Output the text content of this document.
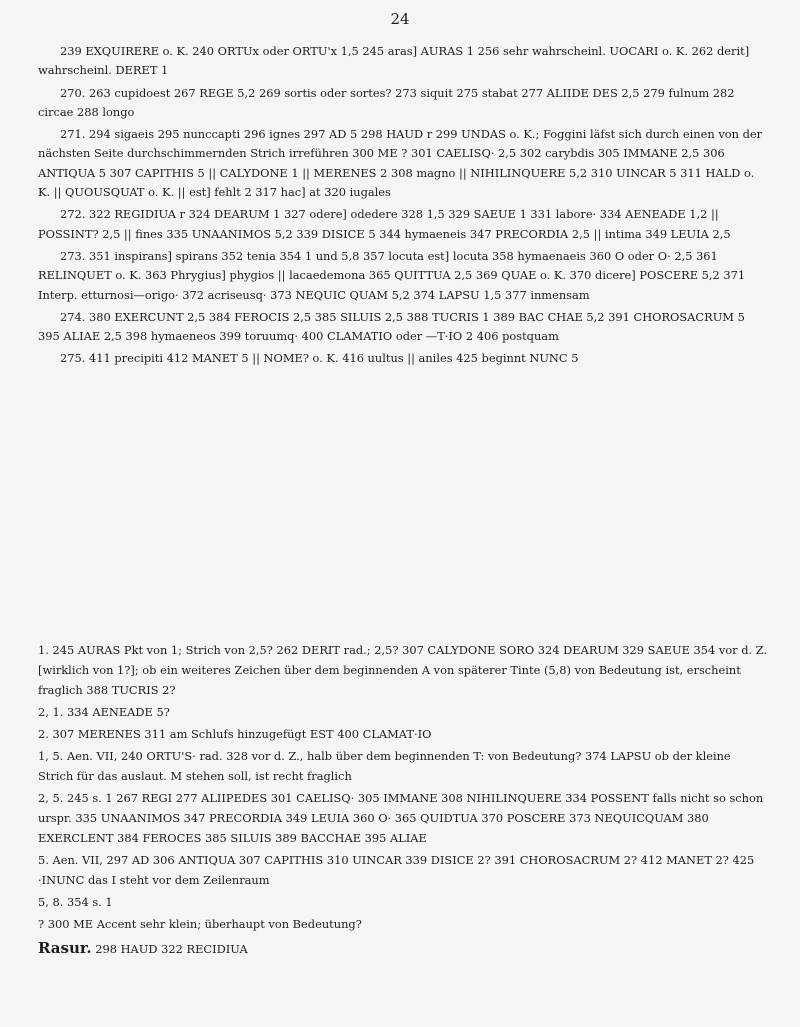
24

239 EXQUIRERE o. K. 240 ORTUx oder ORTU'x 1,5 245 aras] AURAS 1 256 sehr wahrscheinl. UOCARI o. K. 262 derit] wahrscheinl. DERET 1

270. 263 cupidoest 267 REGE 5,2 269 sortis oder sortes? 273 siquit 275 stabat 277 ALIIDE DES 2,5 279 fulnum 282 circae 288 longo

271. 294 sigaeis 295 nunccapti 296 ignes 297 AD 5 298 HAUD r 299 UNDAS o. K.; Foggini läfst sich durch einen von der nächsten Seite durchschimmernden Strich irreführen 300 ME ? 301 CAELISQ· 2,5 302 carybdis 305 IMMANE 2,5 306 ANTIQUA 5 307 CAPITHIS 5 || CALYDONE 1 || MERENES 2 308 magno || NIHILINQUERE 5,2 310 UINCAR 5 311 HALD o. K. || QUOUSQUAT o. K. || est] fehlt 2 317 hac] at 320 iugales

272. 322 REGIDIUA r 324 DEARUM 1 327 odere] odedere 328 1,5 329 SAEUE 1 331 labore· 334 AENEADE 1,2 || POSSINT? 2,5 || fines 335 UNAANIMOS 5,2 339 DISICE 5 344 hymaeneis 347 PRECORDIA 2,5 || intima 349 LEUIA 2,5

273. 351 inspirans] spirans 352 tenia 354 1 und 5,8 357 locuta est] locuta 358 hymaenaeis 360 O oder O· 2,5 361 RELINQUET o. K. 363 Phrygius] phygios || lacaedemona 365 QUITTUA 2,5 369 QUAE o. K. 370 dicere] POSCERE 5,2 371 Interp. etturnosi—origo· 372 acriseusq· 373 NEQUIC QUAM 5,2 374 LAPSU 1,5 377 inmensam

274. 380 EXERCUNT 2,5 384 FEROCIS 2,5 385 SILUIS 2,5 388 TUCRIS 1 389 BAC CHAE 5,2 391 CHOROSACRUM 5 395 ALIAE 2,5 398 hymaeneos 399 toruumq· 400 CLAMATIO oder —T·IO 2 406 postquam

275. 411 precipiti 412 MANET 5 || NOME? o. K. 416 uultus || aniles 425 beginnt NUNC 5

1. 245 AURAS Pkt von 1; Strich von 2,5? 262 DERIT rad.; 2,5? 307 CALYDONE SORO 324 DEARUM 329 SAEUE 354 vor d. Z. [wirklich von 1?]; ob ein weiteres Zeichen über dem beginnenden A von späterer Tinte (5,8) von Bedeutung ist, erscheint fraglich 388 TUCRIS 2?

2, 1. 334 AENEADE 5?

2. 307 MERENES 311 am Schlufs hinzugefügt EST 400 CLAMAT·IO

1, 5. Aen. VII, 240 ORTU'S· rad. 328 vor d. Z., halb über dem beginnenden T: von Bedeutung? 374 LAPSU ob der kleine Strich für das auslaut. M stehen soll, ist recht fraglich

2, 5. 245 s. 1 267 REGI 277 ALIIPEDES 301 CAELISQ· 305 IMMANE 308 NIHILINQUERE 334 POSSENT falls nicht so schon urspr. 335 UNAANIMOS 347 PRECORDIA 349 LEUIA 360 O· 365 QUIDTUA 370 POSCERE 373 NEQUICQUAM 380 EXERCLENT 384 FEROCES 385 SILUIS 389 BACCHAE 395 ALIAE

5. Aen. VII, 297 AD 306 ANTIQUA 307 CAPITHIS 310 UINCAR 339 DISICE 2? 391 CHOROSACRUM 2? 412 MANET 2? 425 ·INUNC das I steht vor dem Zeilenraum

5, 8. 354 s. 1

? 300 ME Accent sehr klein; überhaupt von Bedeutung?

Rasur. 298 HAUD 322 RECIDIUA
